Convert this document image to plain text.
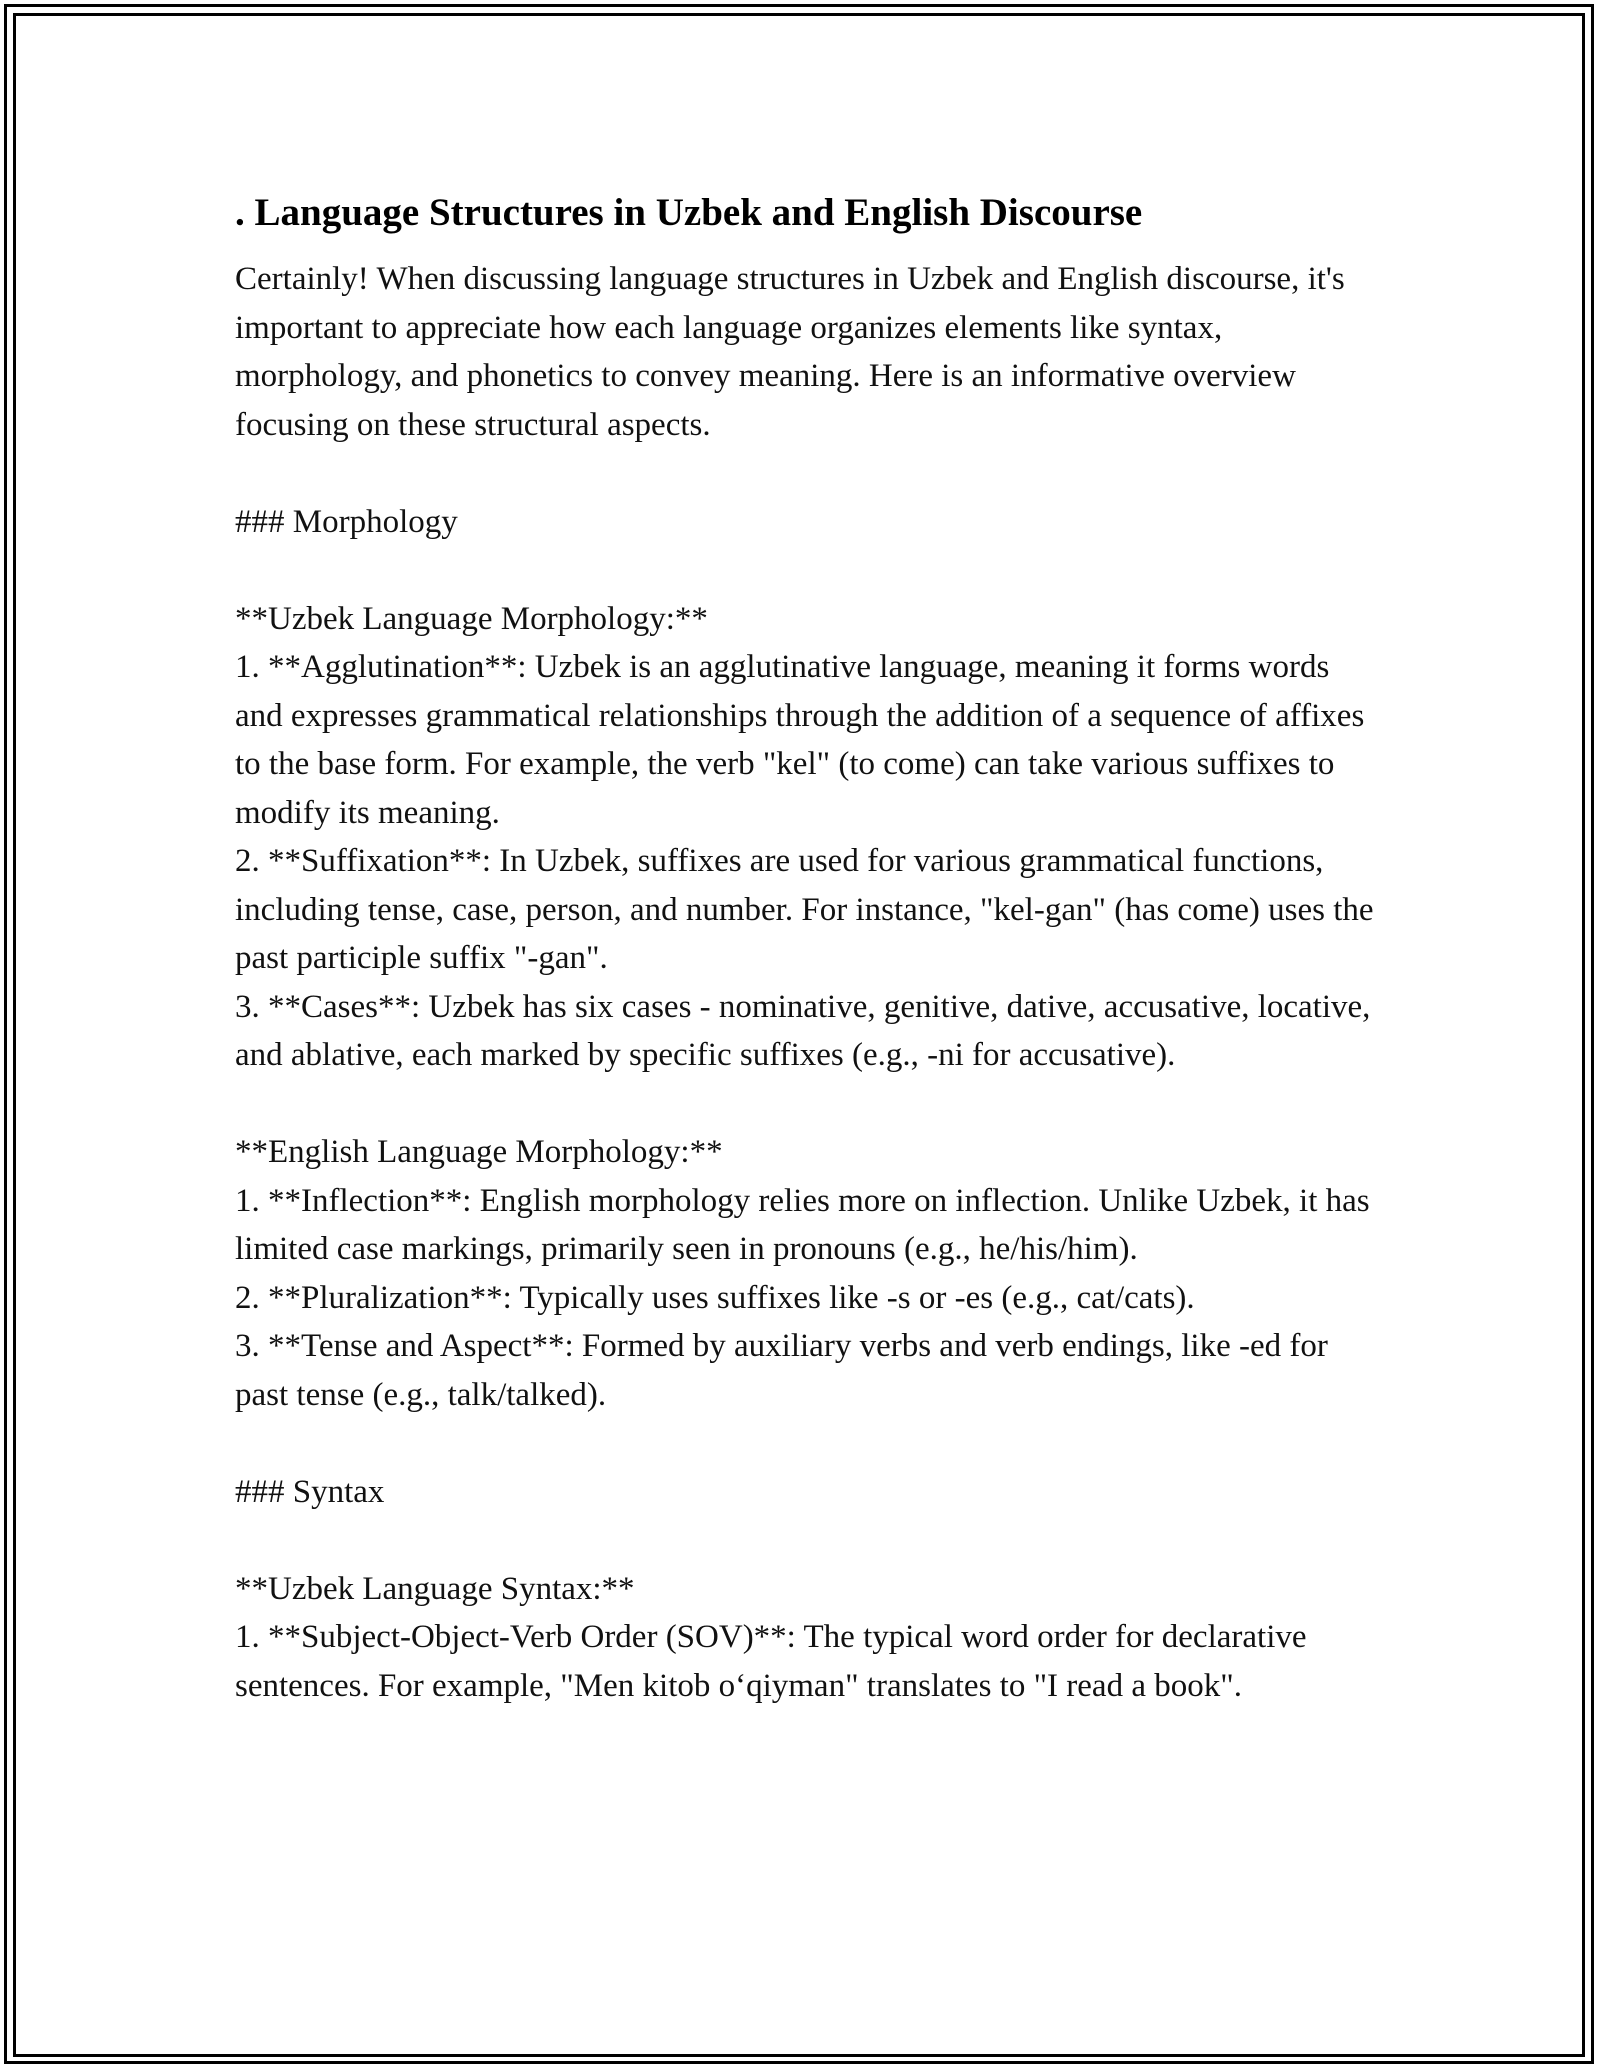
. Language Structures in Uzbek and English Discourse

Certainly! When discussing language structures in Uzbek and English discourse, it's important to appreciate how each language organizes elements like syntax, morphology, and phonetics to convey meaning. Here is an informative overview focusing on these structural aspects.

### Morphology

**Uzbek Language Morphology:**

1. **Agglutination**: Uzbek is an agglutinative language, meaning it forms words and expresses grammatical relationships through the addition of a sequence of affixes to the base form. For example, the verb "kel" (to come) can take various suffixes to modify its meaning.

2. **Suffixation**: In Uzbek, suffixes are used for various grammatical functions, including tense, case, person, and number. For instance, "kel-gan" (has come) uses the past participle suffix "-gan".

3. **Cases**: Uzbek has six cases - nominative, genitive, dative, accusative, locative, and ablative, each marked by specific suffixes (e.g., -ni for accusative).

**English Language Morphology:**

1. **Inflection**: English morphology relies more on inflection. Unlike Uzbek, it has limited case markings, primarily seen in pronouns (e.g., he/his/him).

2. **Pluralization**: Typically uses suffixes like -s or -es (e.g., cat/cats).

3. **Tense and Aspect**: Formed by auxiliary verbs and verb endings, like -ed for past tense (e.g., talk/talked).

### Syntax

**Uzbek Language Syntax:**

1. **Subject-Object-Verb Order (SOV)**: The typical word order for declarative sentences. For example, "Men kitob o‘qiyman" translates to "I read a book".
